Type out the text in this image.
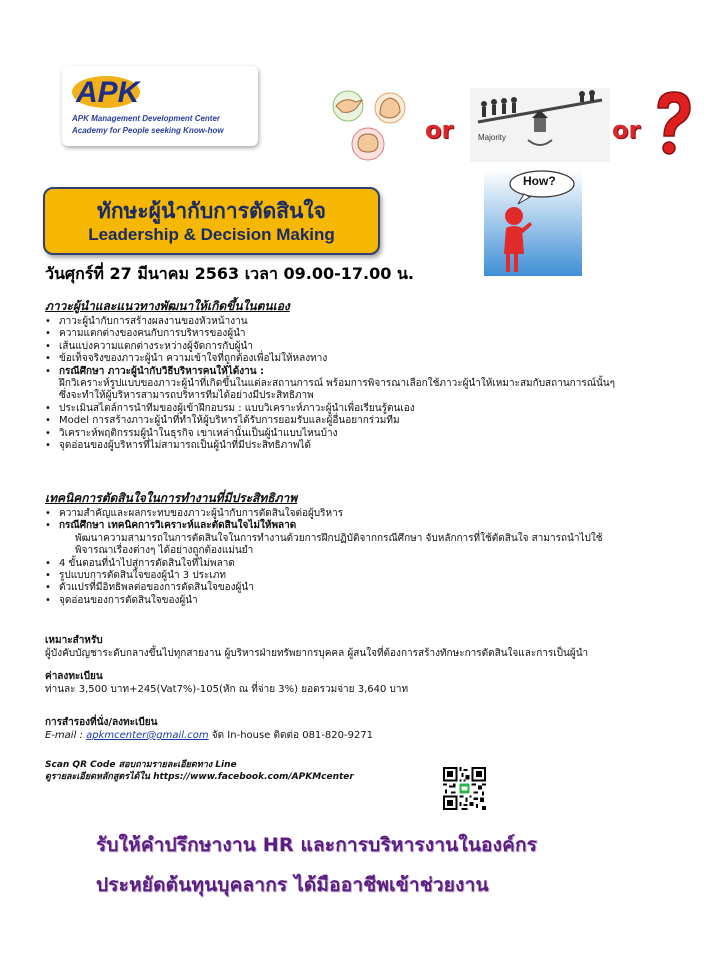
APK
APK Management Development Center
Academy for People seeking Know-how	or	Majority	or
How?
ทักษะผู้นำกับการตัดสินใจ
Leadership & Decision Making
วันศุกร์ที่ 27 มีนาคม 2563 เวลา 09.00-17.00 น.
ภาวะผู้นำและแนวทางพัฒนาให้เกิดขึ้นในตนเอง
• ภาวะผู้นำกับการสร้างผลงานของหัวหน้างาน
• ความแตกต่างของคนกับการบริหารของผู้นำ
• เส้นแบ่งความแตกต่างระหว่างผู้จัดการกับผู้นำ
• ข้อเท็จจริงของภาวะผู้นำ ความเข้าใจที่ถูกต้องเพื่อไม่ให้หลงทาง
• กรณีศึกษา ภาวะผู้นำกับวิธีบริหารคนให้ได้งาน :
ฝึกวิเคราะห์รูปแบบของภาวะผู้นำที่เกิดขึ้นในแต่ละสถานการณ์ พร้อมการพิจารณาเลือกใช้ภาวะผู้นำให้เหมาะสมกับสถานการณ์นั้นๆ
ซึ่งจะทำให้ผู้บริหารสามารถบริหารทีมได้อย่างมีประสิทธิภาพ
• ประเมินสไตล์การนำทีมของผู้เข้าฝึกอบรม : แบบวิเคราะห์ภาวะผู้นำเพื่อเรียนรู้ตนเอง
• Model การสร้างภาวะผู้นำที่ทำให้ผู้บริหารได้รับการยอมรับและผู้อื่นอยากร่วมทีม
• วิเคราะห์พฤติกรรมผู้นำในธุรกิจ เขาเหล่านั้นเป็นผู้นำแบบไหนบ้าง
• จุดอ่อนของผู้บริหารที่ไม่สามารถเป็นผู้นำที่มีประสิทธิภาพได้
เทคนิคการตัดสินใจในการทำงานที่มีประสิทธิภาพ
• ความสำคัญและผลกระทบของภาวะผู้นำกับการตัดสินใจต่อผู้บริหาร
• กรณีศึกษา เทคนิคการวิเคราะห์และตัดสินใจไม่ให้พลาด
พัฒนาความสามารถในการตัดสินใจในการทำงานด้วยการฝึกปฏิบัติจากกรณีศึกษา จับหลักการที่ใช้ตัดสินใจ สามารถนำไปใช้
พิจารณาเรื่องต่างๆ ได้อย่างถูกต้องแม่นยำ
• 4 ขั้นตอนที่นำไปสู่การตัดสินใจที่ไม่พลาด
• รูปแบบการตัดสินใจของผู้นำ 3 ประเภท
• ตัวแปรที่มีอิทธิพลต่อของการตัดสินใจของผู้นำ
• จุดอ่อนของการตัดสินใจของผู้นำ
เหมาะสำหรับ
ผู้บังคับบัญชาระดับกลางขึ้นไปทุกสายงาน ผู้บริหารฝ่ายทรัพยากรบุคคล ผู้สนใจที่ต้องการสร้างทักษะการตัดสินใจและการเป็นผู้นำ
ค่าลงทะเบียน
ท่านละ 3,500 บาท+245(Vat7%)-105(หัก ณ ที่จ่าย 3%) ยอดรวมจ่าย 3,640 บาท
การสำรองที่นั่ง/ลงทะเบียน
E-mail : apkmcenter@gmail.com จัด In-house ติดต่อ 081-820-9271
Scan QR Code สอบถามรายละเอียดทาง Line
ดูรายละเอียดหลักสูตรได้ใน https://www.facebook.com/APKMcenter
รับให้คำปรึกษางาน HR และการบริหารงานในองค์กร
ประหยัดต้นทุนบุคลากร ได้มืออาชีพเข้าช่วยงาน
